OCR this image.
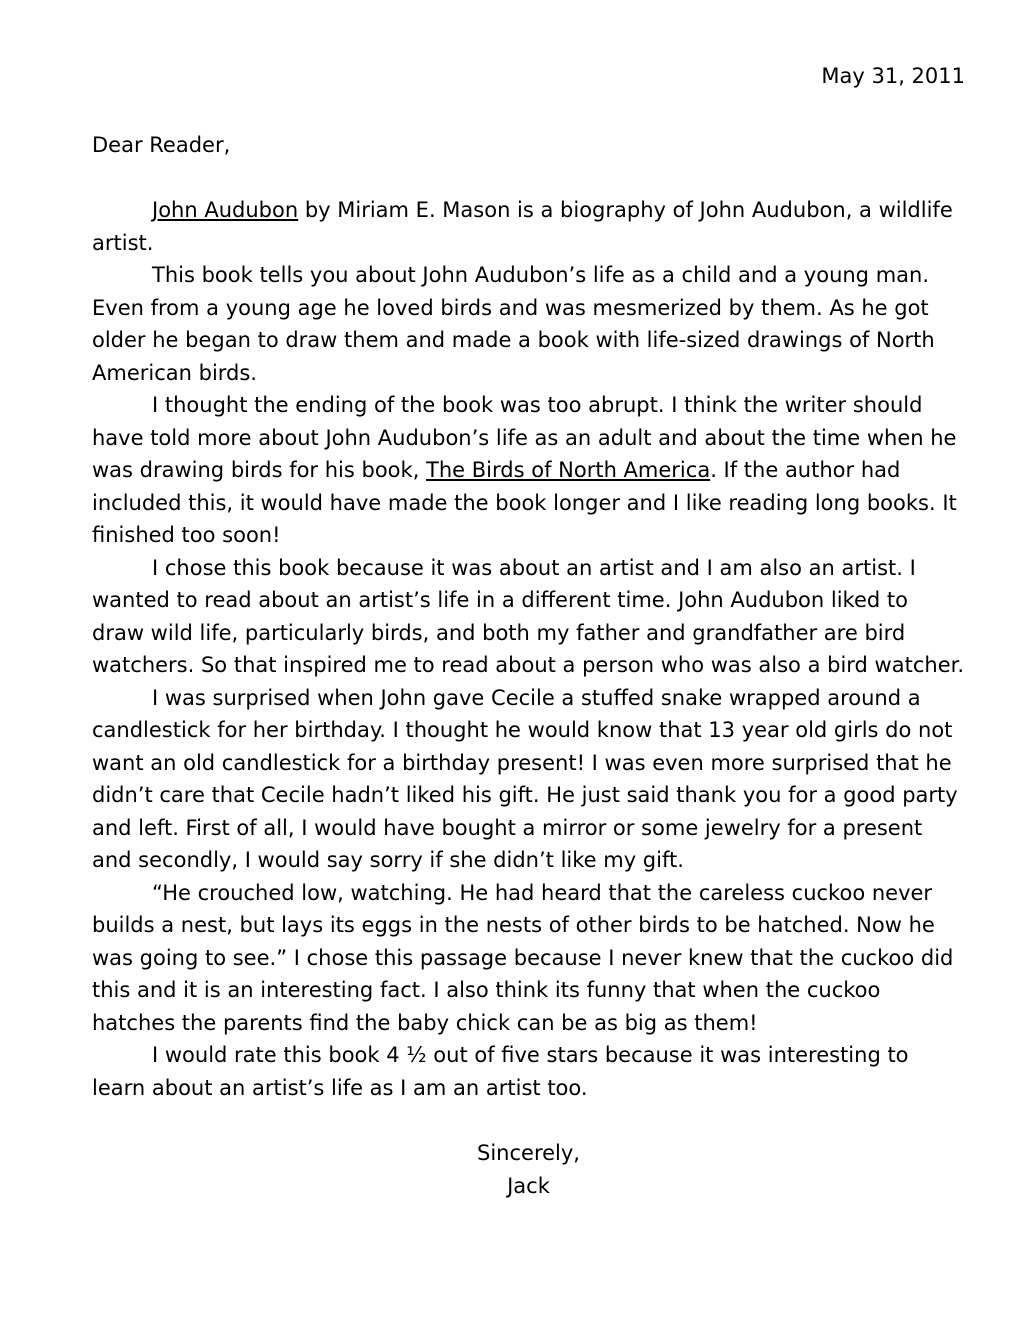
May 31, 2011

Dear Reader,

John Audubon by Miriam E. Mason is a biography of John Audubon, a wildlife artist.

This book tells you about John Audubon’s life as a child and a young man. Even from a young age he loved birds and was mesmerized by them. As he got older he began to draw them and made a book with life-sized drawings of North American birds.

I thought the ending of the book was too abrupt. I think the writer should have told more about John Audubon’s life as an adult and about the time when he was drawing birds for his book, The Birds of North America. If the author had included this, it would have made the book longer and I like reading long books. It finished too soon!

I chose this book because it was about an artist and I am also an artist. I wanted to read about an artist’s life in a different time. John Audubon liked to draw wild life, particularly birds, and both my father and grandfather are bird watchers. So that inspired me to read about a person who was also a bird watcher.

I was surprised when John gave Cecile a stuffed snake wrapped around a candlestick for her birthday. I thought he would know that 13 year old girls do not want an old candlestick for a birthday present! I was even more surprised that he didn’t care that Cecile hadn’t liked his gift. He just said thank you for a good party and left. First of all, I would have bought a mirror or some jewelry for a present and secondly, I would say sorry if she didn’t like my gift.

“He crouched low, watching. He had heard that the careless cuckoo never builds a nest, but lays its eggs in the nests of other birds to be hatched. Now he was going to see.” I chose this passage because I never knew that the cuckoo did this and it is an interesting fact. I also think its funny that when the cuckoo hatches the parents find the baby chick can be as big as them!

I would rate this book 4 ½ out of five stars because it was interesting to learn about an artist’s life as I am an artist too.

Sincerely,

Jack
